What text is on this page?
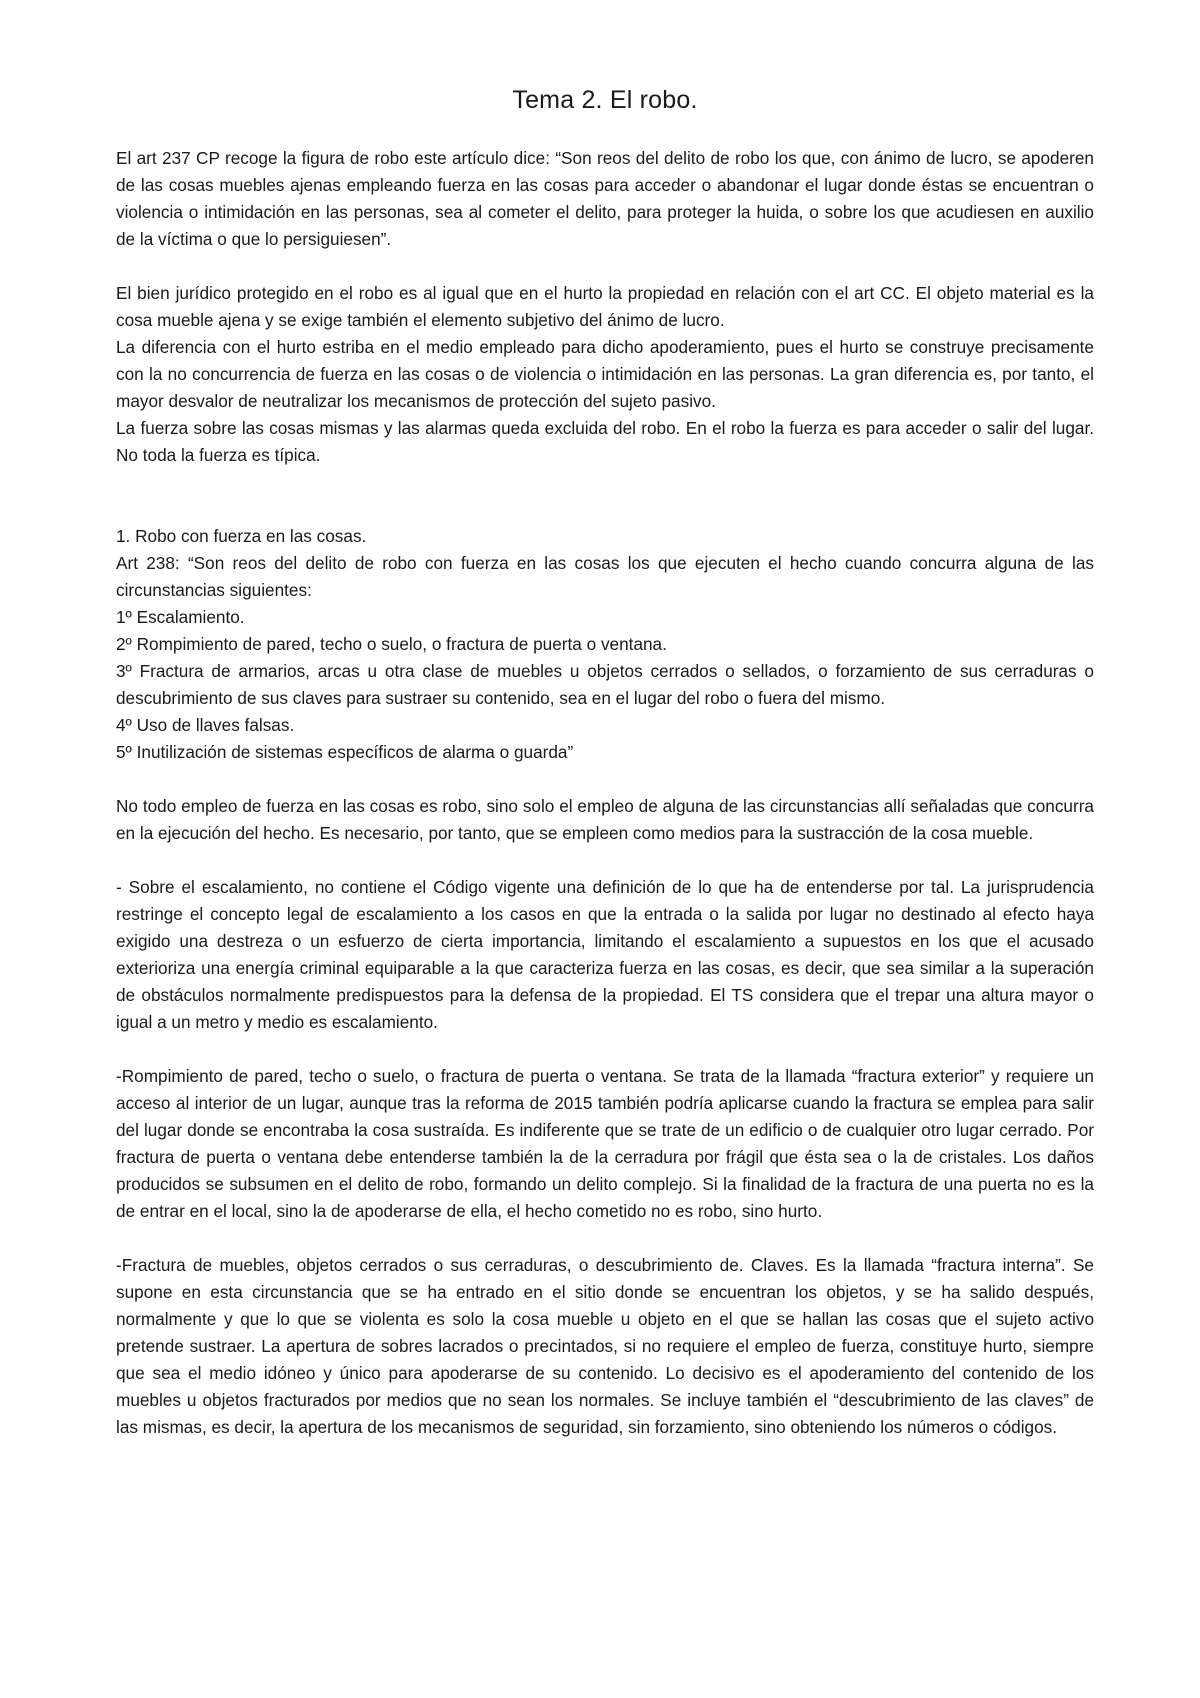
Tema 2. El robo.

El art 237 CP recoge la figura de robo este artículo dice: “Son reos del delito de robo los que, con ánimo de lucro, se apoderen de las cosas muebles ajenas empleando fuerza en las cosas para acceder o abandonar el lugar donde éstas se encuentran o violencia o intimidación en las personas, sea al cometer el delito, para proteger la huida, o sobre los que acudiesen en auxilio de la víctima o que lo persiguiesen”.

El bien jurídico protegido en el robo es al igual que en el hurto la propiedad en relación con el art CC. El objeto material es la cosa mueble ajena y se exige también el elemento subjetivo del ánimo de lucro.

La diferencia con el hurto estriba en el medio empleado para dicho apoderamiento, pues el hurto se construye precisamente con la no concurrencia de fuerza en las cosas o de violencia o intimidación en las personas. La gran diferencia es, por tanto, el mayor desvalor de neutralizar los mecanismos de protección del sujeto pasivo.

La fuerza sobre las cosas mismas y las alarmas queda excluida del robo. En el robo la fuerza es para acceder o salir del lugar. No toda la fuerza es típica.

1. Robo con fuerza en las cosas.

Art 238: “Son reos del delito de robo con fuerza en las cosas los que ejecuten el hecho cuando concurra alguna de las circunstancias siguientes:

1º Escalamiento.

2º Rompimiento de pared, techo o suelo, o fractura de puerta o ventana.

3º Fractura de armarios, arcas u otra clase de muebles u objetos cerrados o sellados, o forzamiento de sus cerraduras o descubrimiento de sus claves para sustraer su contenido, sea en el lugar del robo o fuera del mismo.

4º Uso de llaves falsas.

5º Inutilización de sistemas específicos de alarma o guarda”

No todo empleo de fuerza en las cosas es robo, sino solo el empleo de alguna de las circunstancias allí señaladas que concurra en la ejecución del hecho. Es necesario, por tanto, que se empleen como medios para la sustracción de la cosa mueble.

- Sobre el escalamiento, no contiene el Código vigente una definición de lo que ha de entenderse por tal. La jurisprudencia restringe el concepto legal de escalamiento a los casos en que la entrada o la salida por lugar no destinado al efecto haya exigido una destreza o un esfuerzo de cierta importancia, limitando el escalamiento a supuestos en los que el acusado exterioriza una energía criminal equiparable a la que caracteriza fuerza en las cosas, es decir, que sea similar a la superación de obstáculos normalmente predispuestos para la defensa de la propiedad. El TS considera que el trepar una altura mayor o igual a un metro y medio es escalamiento.

-Rompimiento de pared, techo o suelo, o fractura de puerta o ventana. Se trata de la llamada “fractura exterior” y requiere un acceso al interior de un lugar, aunque tras la reforma de 2015 también podría aplicarse cuando la fractura se emplea para salir del lugar donde se encontraba la cosa sustraída. Es indiferente que se trate de un edificio o de cualquier otro lugar cerrado. Por fractura de puerta o ventana debe entenderse también la de la cerradura por frágil que ésta sea o la de cristales. Los daños producidos se subsumen en el delito de robo, formando un delito complejo. Si la finalidad de la fractura de una puerta no es la de entrar en el local, sino la de apoderarse de ella, el hecho cometido no es robo, sino hurto.

-Fractura de muebles, objetos cerrados o sus cerraduras, o descubrimiento de. Claves. Es la llamada “fractura interna”. Se supone en esta circunstancia que se ha entrado en el sitio donde se encuentran los objetos, y se ha salido después, normalmente y que lo que se violenta es solo la cosa mueble u objeto en el que se hallan las cosas que el sujeto activo pretende sustraer. La apertura de sobres lacrados o precintados, si no requiere el empleo de fuerza, constituye hurto, siempre que sea el medio idóneo y único para apoderarse de su contenido. Lo decisivo es el apoderamiento del contenido de los muebles u objetos fracturados por medios que no sean los normales. Se incluye también el “descubrimiento de las claves” de las mismas, es decir, la apertura de los mecanismos de seguridad, sin forzamiento, sino obteniendo los números o códigos.
